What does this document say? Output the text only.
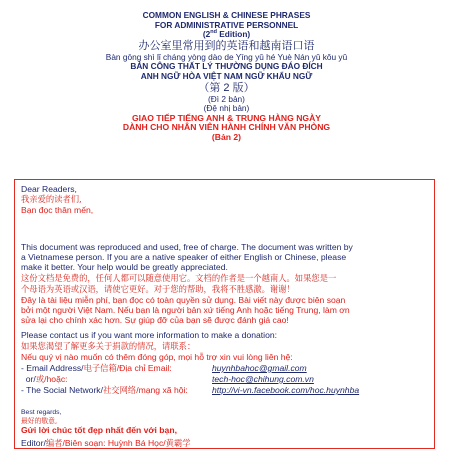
COMMON ENGLISH & CHINESE PHRASES
FOR ADMINISTRATIVE PERSONNEL
(2nd Edition)
办公室里常用到的英语和越南语口语
Bàn gōng shì lǐ cháng yòng dào de Yīng yǔ hé Yuè Nán yǔ kǒu yǔ
BẢN CÔNG THẤT LÝ THƯỜNG DỤNG ĐÁO ĐÍCH
ANH NGỮ HÒA VIỆT NAM NGỮ KHẨU NGỮ
（第 2 版）
(Đì 2 bản)
(Đệ nhị bản)
GIAO TIẾP TIẾNG ANH & TRUNG HÀNG NGÀY
DÀNH CHO NHÂN VIÊN HÀNH CHÍNH VĂN PHÒNG
(Bản 2)
Dear Readers,
我亲爱的读者们,
Bạn đọc thân mến,
This document was reproduced and used, free of charge. The document was written by
a Vietnamese person. If you are a native speaker of either English or Chinese, please
make it better. Your help would be greatly appreciated.
这份文档是免费的，任何人都可以随意使用它。文档的作者是一个越南人。如果您是一
个母语为英语或汉语，请使它更好。对于您的帮助，我将不胜感激。谢谢！
Đây là tài liệu miễn phí, bạn đọc có toàn quyền sử dụng. Bài viết này được biên soạn
bởi một người Việt Nam. Nếu bạn là người bản xứ tiếng Anh hoặc tiếng Trung, làm ơn
sửa lại cho chính xác hơn. Sự giúp đỡ của bạn sẽ được đánh giá cao!
Please contact us if you want more information to make a donation:
如果您渴望了解更多关于捐款的情况，请联系：
Nếu quý vị nào muốn có thêm đóng góp, mọi hỗ trợ xin vui lòng liên hệ:
- Email Address/电子信箱/Địa chỉ Email:	huynhbahoc@gmail.com
or/或/hoặc:	tech-hoc@chihung.com.vn
- The Social Network/社交网络/mạng xã hội:	http://vi-vn.facebook.com/hoc.huynhba
Best regards,
最好的敬意,
Gửi lời chúc tốt đẹp nhất đến với bạn,
Editor/编者/Biên soạn: Huỳnh Bá Học/黄霸学
